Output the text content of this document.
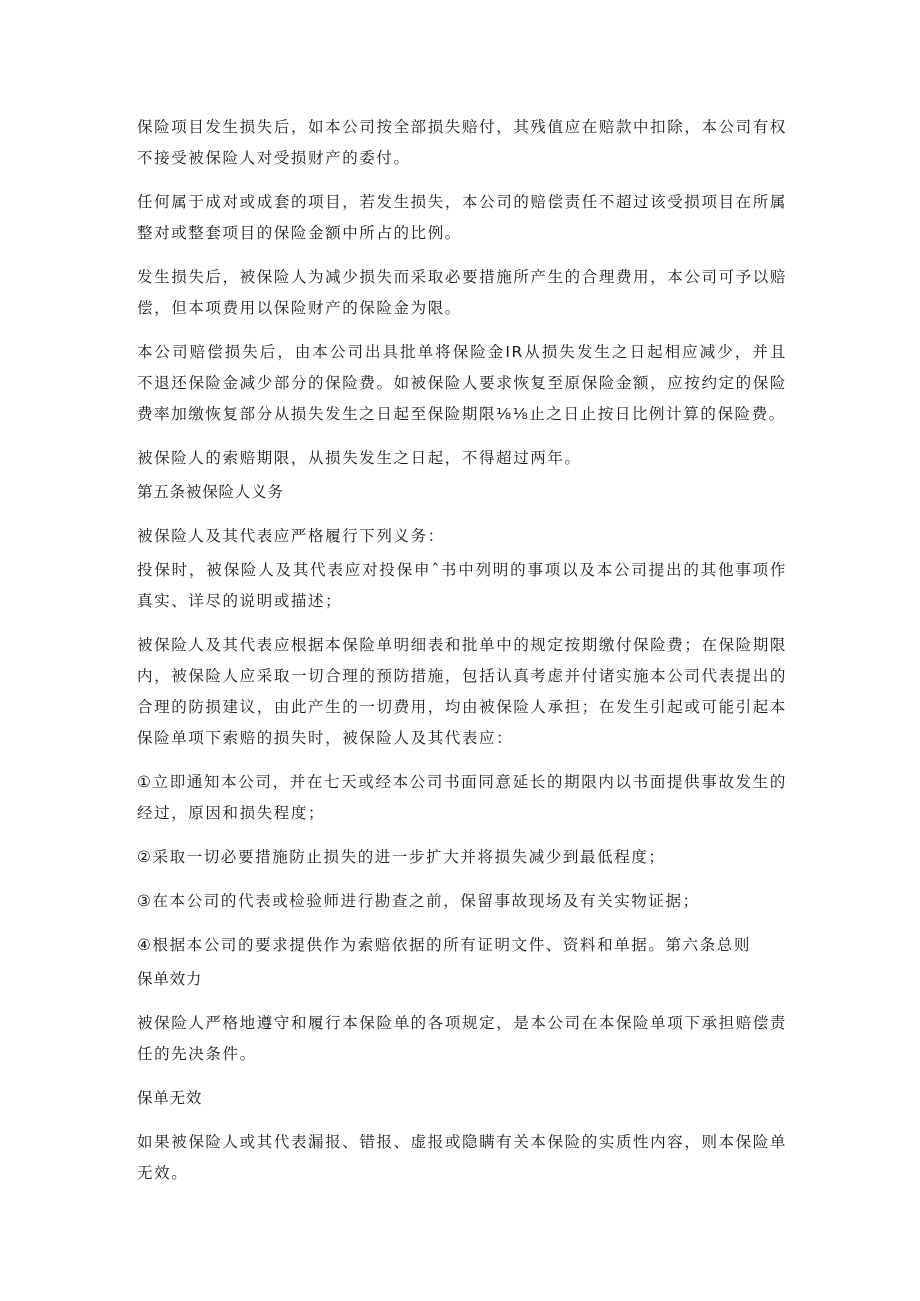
保险项目发生损失后，如本公司按全部损失赔付，其残值应在赔款中扣除，本公司有权不接受被保险人对受损财产的委付。

任何属于成对或成套的项目，若发生损失，本公司的赔偿责任不超过该受损项目在所属整对或整套项目的保险金额中所占的比例。

发生损失后，被保险人为减少损失而采取必要措施所产生的合理费用，本公司可予以赔偿，但本项费用以保险财产的保险金为限。

本公司赔偿损失后，由本公司出具批单将保险金IR从损失发生之日起相应减少，并且不退还保险金减少部分的保险费。如被保险人要求恢复至原保险金额，应按约定的保险费率加缴恢复部分从损失发生之日起至保险期限⅛⅛止之日止按日比例计算的保险费。

被保险人的索赔期限，从损失发生之日起，不得超过两年。

第五条被保险人义务

被保险人及其代表应严格履行下列义务：

投保时，被保险人及其代表应对投保申ˆ书中列明的事项以及本公司提出的其他事项作真实、详尽的说明或描述；

被保险人及其代表应根据本保险单明细表和批单中的规定按期缴付保险费；在保险期限内，被保险人应采取一切合理的预防措施，包括认真考虑并付诸实施本公司代表提出的合理的防损建议，由此产生的一切费用，均由被保险人承担；在发生引起或可能引起本保险单项下索赔的损失时，被保险人及其代表应：

①立即通知本公司，并在七天或经本公司书面同意延长的期限内以书面提供事故发生的经过，原因和损失程度；

②采取一切必要措施防止损失的进一步扩大并将损失减少到最低程度；

③在本公司的代表或检验师进行勘查之前，保留事故现场及有关实物证据；

④根据本公司的要求提供作为索赔依据的所有证明文件、资料和单据。第六条总则

保单效力

被保险人严格地遵守和履行本保险单的各项规定，是本公司在本保险单项下承担赔偿责任的先决条件。

保单无效

如果被保险人或其代表漏报、错报、虚报或隐瞒有关本保险的实质性内容，则本保险单无效。
